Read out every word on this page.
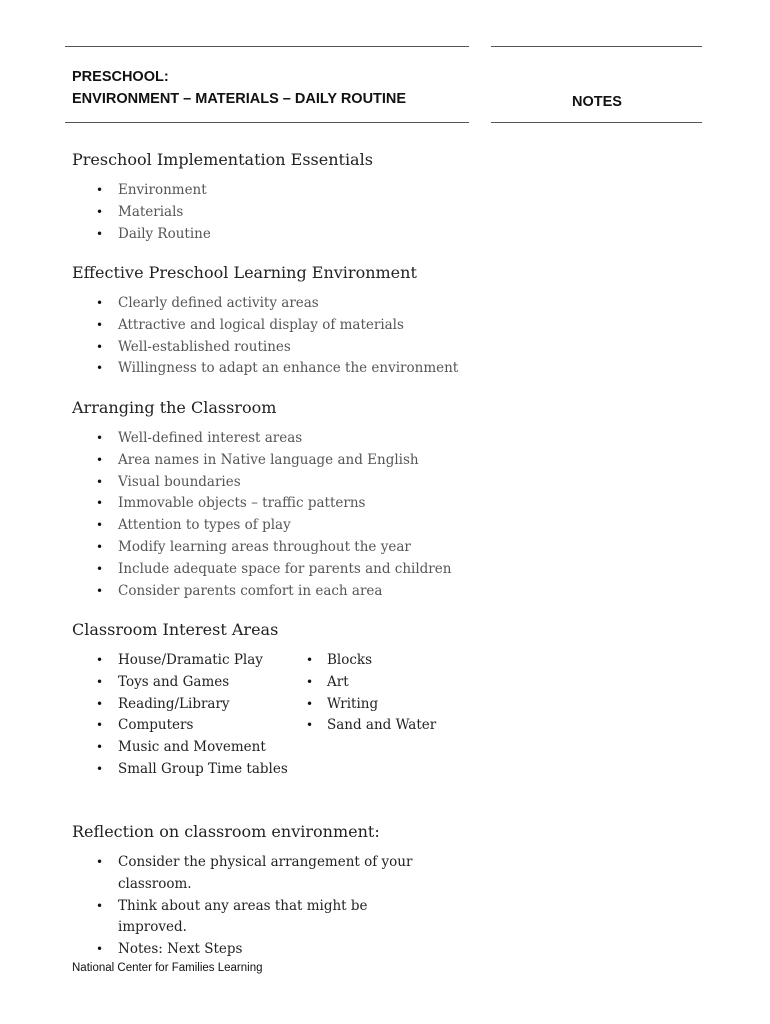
PRESCHOOL:
ENVIRONMENT – MATERIALS – DAILY ROUTINE	NOTES
Preschool Implementation Essentials
• Environment
• Materials
• Daily Routine
Effective Preschool Learning Environment
• Clearly defined activity areas
• Attractive and logical display of materials
• Well-established routines
• Willingness to adapt an enhance the environment
Arranging the Classroom
• Well-defined interest areas
• Area names in Native language and English
• Visual boundaries
• Immovable objects – traffic patterns
• Attention to types of play
• Modify learning areas throughout the year
• Include adequate space for parents and children
• Consider parents comfort in each area
Classroom Interest Areas
• House/Dramatic Play
• Toys and Games
• Reading/Library
• Computers
• Music and Movement
• Small Group Time tables
• Blocks
• Art
• Writing
• Sand and Water
Reflection on classroom environment:
• Consider the physical arrangement of your classroom.
• Think about any areas that might be improved.
• Notes: Next Steps
National Center for Families Learning
